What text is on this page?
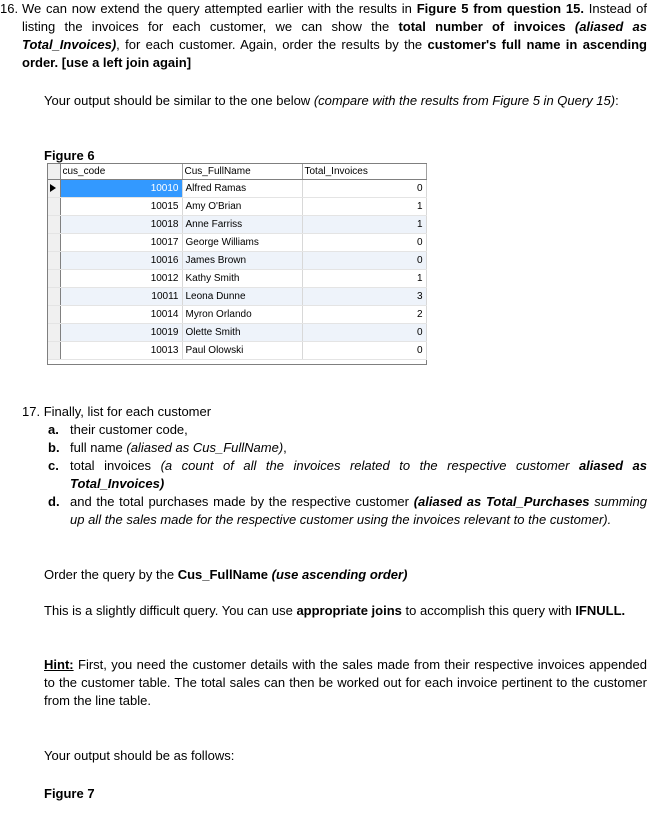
16. We can now extend the query attempted earlier with the results in Figure 5 from question 15. Instead of listing the invoices for each customer, we can show the total number of invoices (aliased as Total_Invoices), for each customer. Again, order the results by the customer's full name in ascending order. [use a left join again]
Your output should be similar to the one below (compare with the results from Figure 5 in Query 15):
Figure 6
	cus_code	Cus_FullName	Total_Invoices

	10010	Alfred Ramas	0
	10015	Amy O'Brian	1
	10018	Anne Farriss	1
	10017	George Williams	0
	10016	James Brown	0
	10012	Kathy Smith	1
	10011	Leona Dunne	3
	10014	Myron Orlando	2
	10019	Olette Smith	0
	10013	Paul Olowski	0
17. Finally, list for each customer
a. their customer code,
b. full name (aliased as Cus_FullName),
c. total invoices (a count of all the invoices related to the respective customer aliased as Total_Invoices)
d. and the total purchases made by the respective customer (aliased as Total_Purchases summing up all the sales made for the respective customer using the invoices relevant to the customer).
Order the query by the Cus_FullName (use ascending order)
This is a slightly difficult query. You can use appropriate joins to accomplish this query with IFNULL.
Hint: First, you need the customer details with the sales made from their respective invoices appended to the customer table. The total sales can then be worked out for each invoice pertinent to the customer from the line table.
Your output should be as follows:
Figure 7
